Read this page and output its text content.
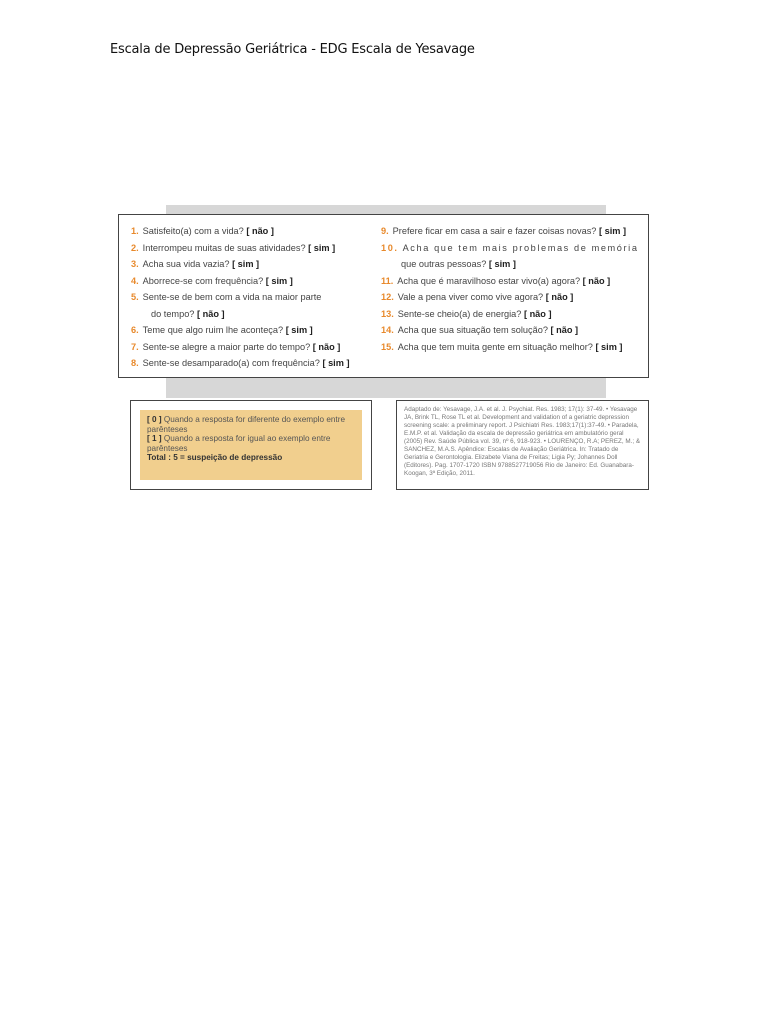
Escala de Depressão Geriátrica - EDG Escala de Yesavage
1. Satisfeito(a) com a vida? [ não ]
2. Interrompeu muitas de suas atividades? [ sim ]
3. Acha sua vida vazia? [ sim ]
4. Aborrece-se com frequência? [ sim ]
5. Sente-se de bem com a vida na maior parte
do tempo? [ não ]
6. Teme que algo ruim lhe aconteça? [ sim ]
7. Sente-se alegre a maior parte do tempo? [ não ]
8. Sente-se desamparado(a) com frequência? [ sim ]
9. Prefere ficar em casa a sair e fazer coisas novas? [ sim ]
10. Acha que tem mais problemas de memória
que outras pessoas? [ sim ]
11. Acha que é maravilhoso estar vivo(a) agora? [ não ]
12. Vale a pena viver como vive agora? [ não ]
13. Sente-se cheio(a) de energia? [ não ]
14. Acha que sua situação tem solução? [ não ]
15. Acha que tem muita gente em situação melhor? [ sim ]
[ 0 ] Quando a resposta for diferente do exemplo entre parênteses
[ 1 ] Quando a resposta for igual ao exemplo entre parênteses
Total : 5 = suspeição de depressão
Adaptado de: Yesavage, J.A. et al. J. Psychiat. Res. 1983; 17(1): 37-49. • Yesavage JA, Brink TL, Rose TL et al. Development and validation of a geriatric depression screening scale: a preliminary report. J Psichiatri Res. 1983;17(1):37-49. • Paradela, E.M.P. et al. Validação da escala de depressão geriátrica em ambulatório geral (2005) Rev. Saúde Pública vol. 39, nº 6, 918-923. • LOURENÇO, R.A; PEREZ, M.; & SANCHEZ, M.A.S. Apêndice: Escalas de Avaliação Geriátrica. In: Tratado de Geriatria e Gerontologia. Elizabete Viana de Freitas; Ligia Py; Johannes Doll (Editores). Pag. 1707-1720 ISBN 9788527719056 Rio de Janeiro: Ed. Guanabara-Koogan, 3ª Edição, 2011.
